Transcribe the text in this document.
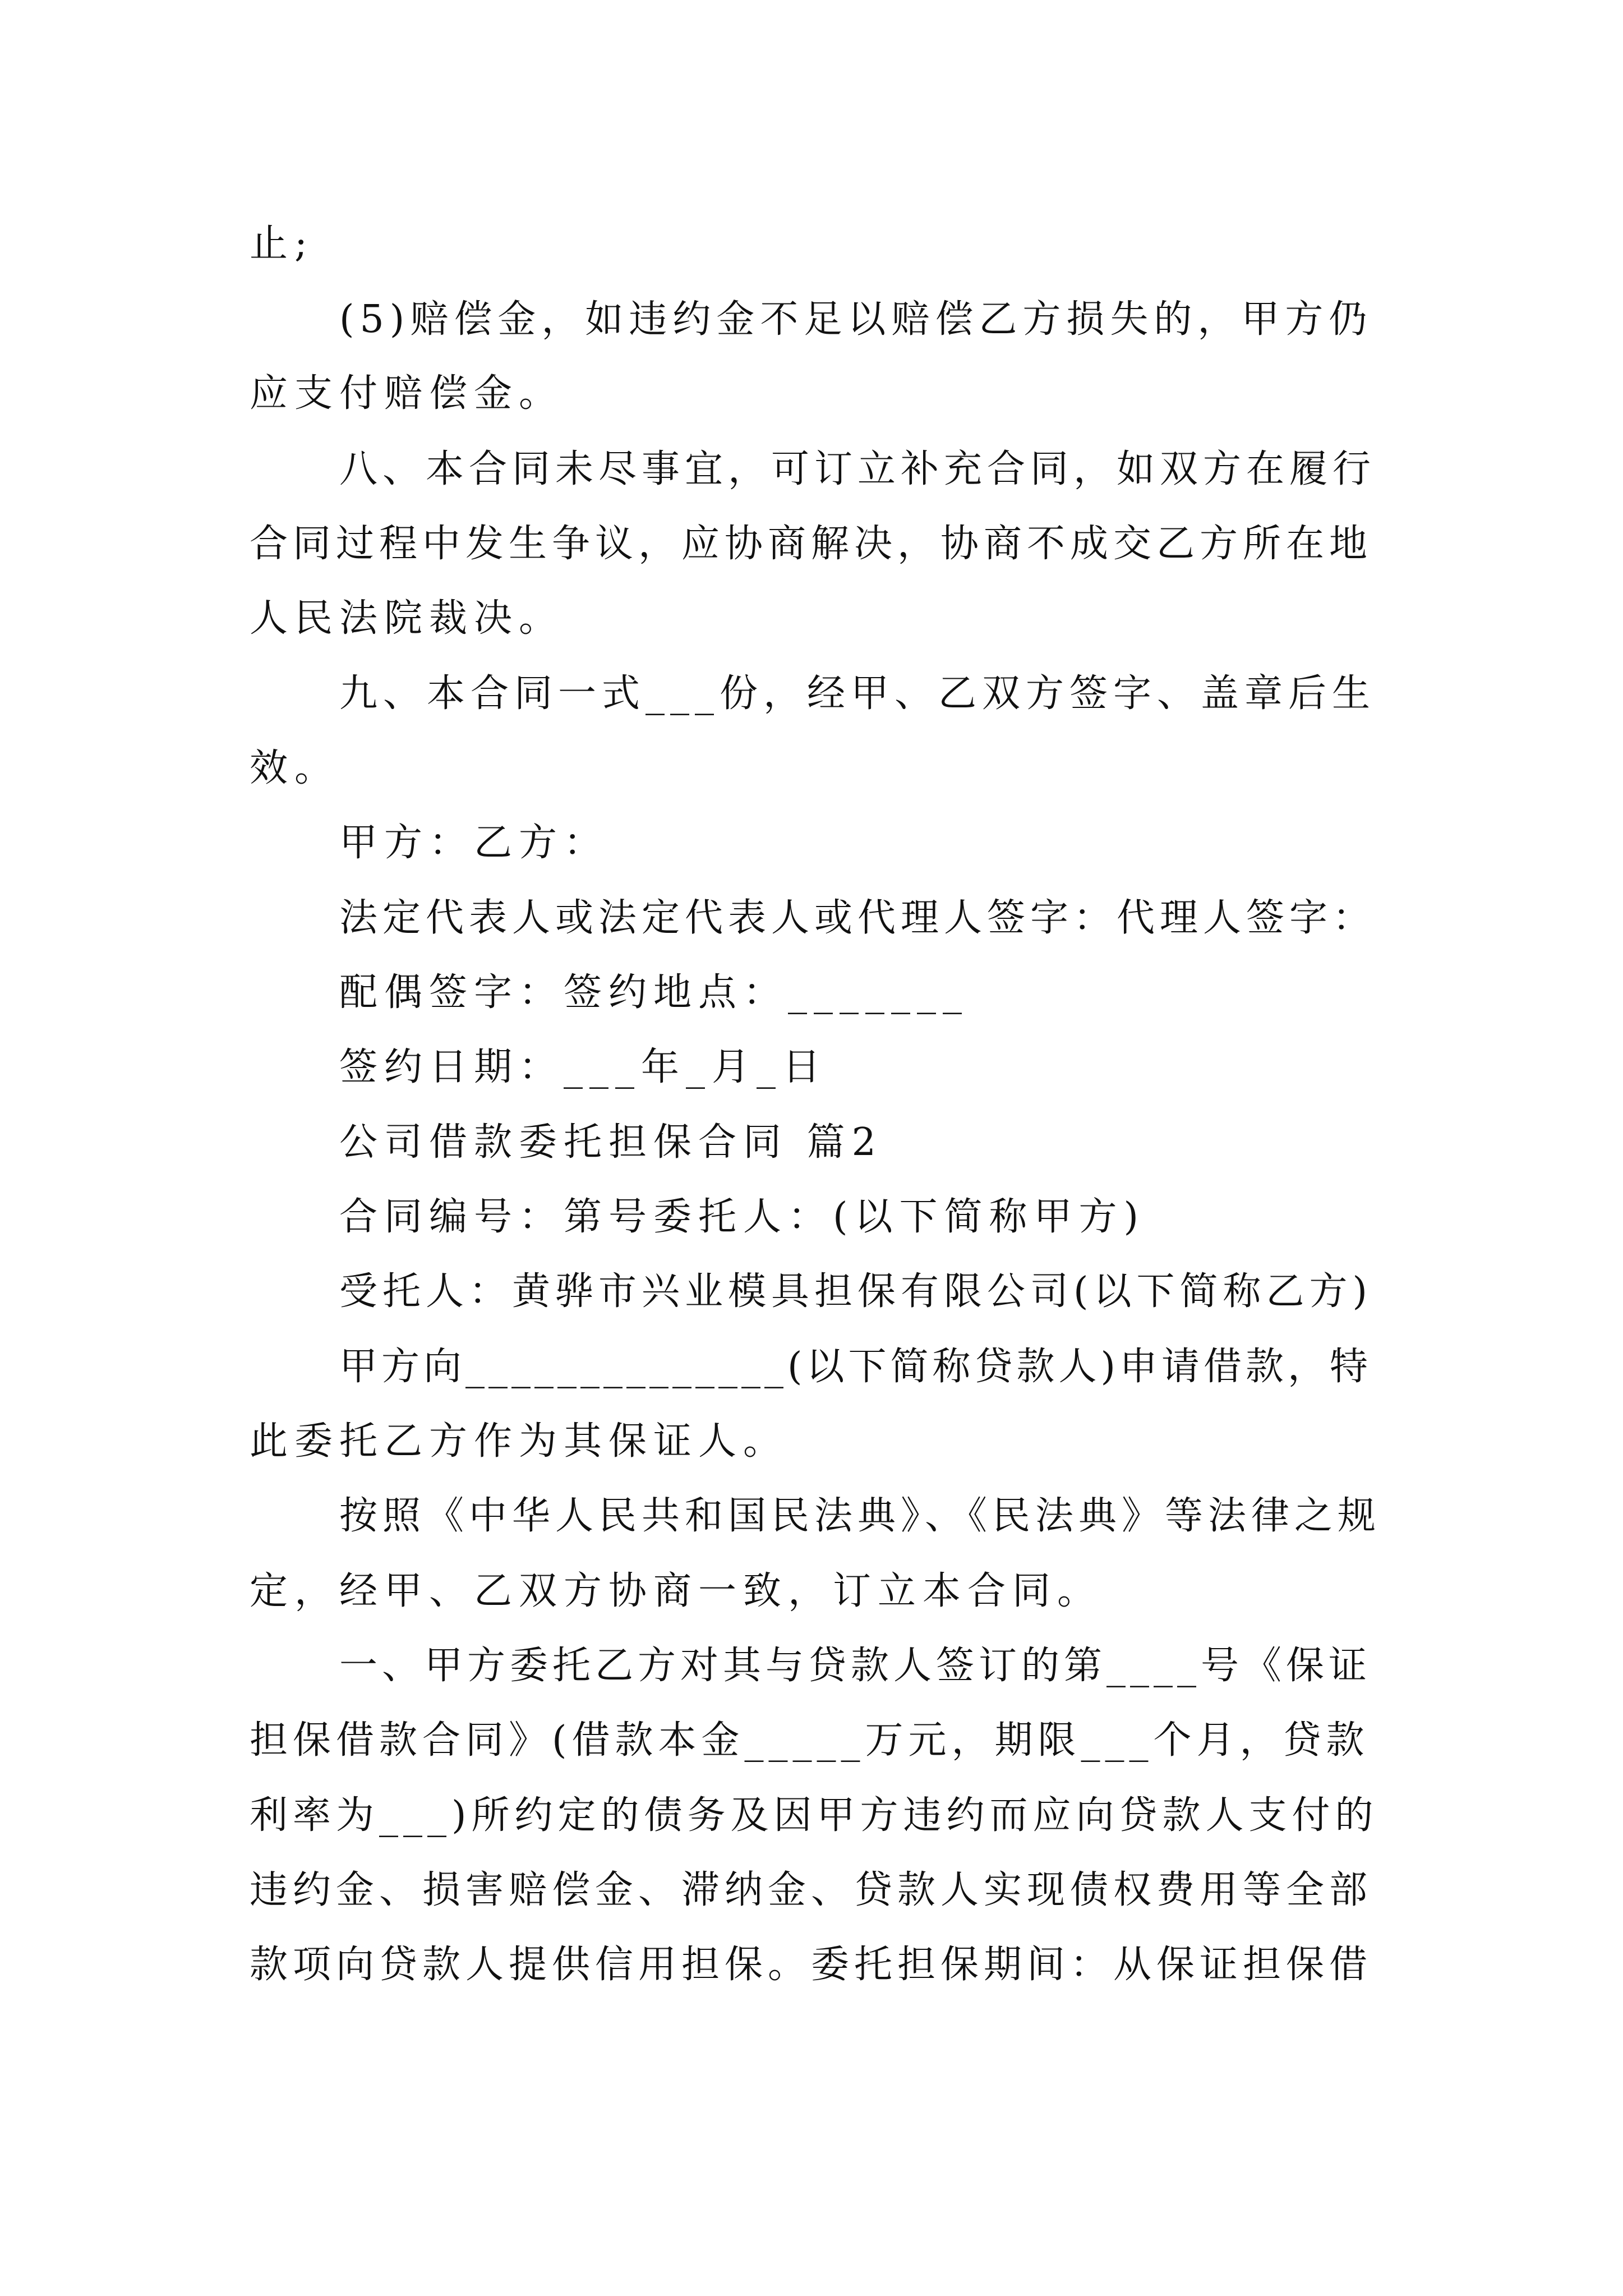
止;
(5)赔偿金，如违约金不足以赔偿乙方损失的，甲方仍
应支付赔偿金。
八、本合同未尽事宜，可订立补充合同，如双方在履行
合同过程中发生争议，应协商解决，协商不成交乙方所在地
人民法院裁决。
九、本合同一式___份，经甲、乙双方签字、盖章后生
效。
甲方：乙方：
法定代表人或法定代表人或代理人签字：代理人签字：
配偶签字：签约地点：_______
签约日期：___年_月_日
公司借款委托担保合同 篇2
合同编号：第号委托人：(以下简称甲方)
受托人：黄骅市兴业模具担保有限公司(以下简称乙方)
甲方向______________(以下简称贷款人)申请借款，特
此委托乙方作为其保证人。
按照《中华人民共和国民法典》、《民法典》等法律之规
定，经甲、乙双方协商一致，订立本合同。
一、甲方委托乙方对其与贷款人签订的第____号《保证
担保借款合同》(借款本金_____万元，期限___个月，贷款
利率为___)所约定的债务及因甲方违约而应向贷款人支付的
违约金、损害赔偿金、滞纳金、贷款人实现债权费用等全部
款项向贷款人提供信用担保。委托担保期间：从保证担保借
